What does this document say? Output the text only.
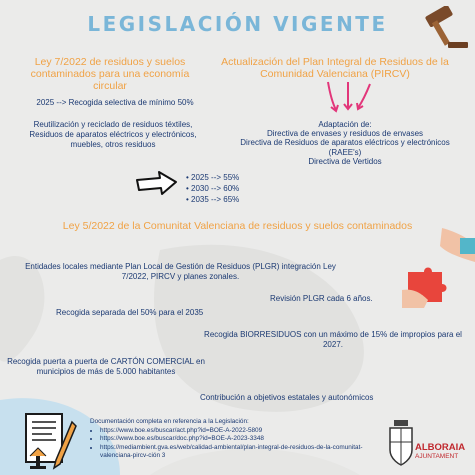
LEGISLACIÓN VIGENTE
Ley 7/2022 de residuos y suelos contaminados para una economía circular
Actualización del Plan Integral de Residuos de la Comunidad Valenciana (PIRCV)
2025 --> Recogida selectiva de mínimo 50%
Reutilización y reciclado de residuos téxtiles, Residuos de aparatos eléctricos y electrónicos, muebles, otros residuos
Adaptación de:
Directiva de envases y residuos de envases
Directiva de Residuos de aparatos eléctricos y electrónicos (RAEE's)
Directiva de Vertidos
• 2025 --> 55%
• 2030 --> 60%
• 2035 --> 65%
Ley 5/2022 de la Comunitat Valenciana de residuos y suelos contaminados
Entidades locales mediante Plan Local de Gestión de Residuos (PLGR) integración Ley 7/2022, PIRCV y planes zonales.
Revisión PLGR cada 6 años.
Recogida separada del 50% para el 2035
Recogida BIORRESIDUOS con un máximo de 15% de impropios para el 2027.
Recogida puerta a puerta de CARTÓN COMERCIAL en municipios de más de 5.000 habitantes
Contribución a objetivos estatales y autonómicos
Documentación completa en referencia a la Legislación:
• https://www.boe.es/buscar/act.php?id=BOE-A-2022-5809
• https://www.boe.es/buscar/doc.php?id=BOE-A-2023-3348
• https://mediambient.gva.es/web/calidad-ambiental/plan-integral-de-residuos-de-la-comunitat-valenciana-pircv-ción 3
ALBORAIA
AJUNTAMENT
